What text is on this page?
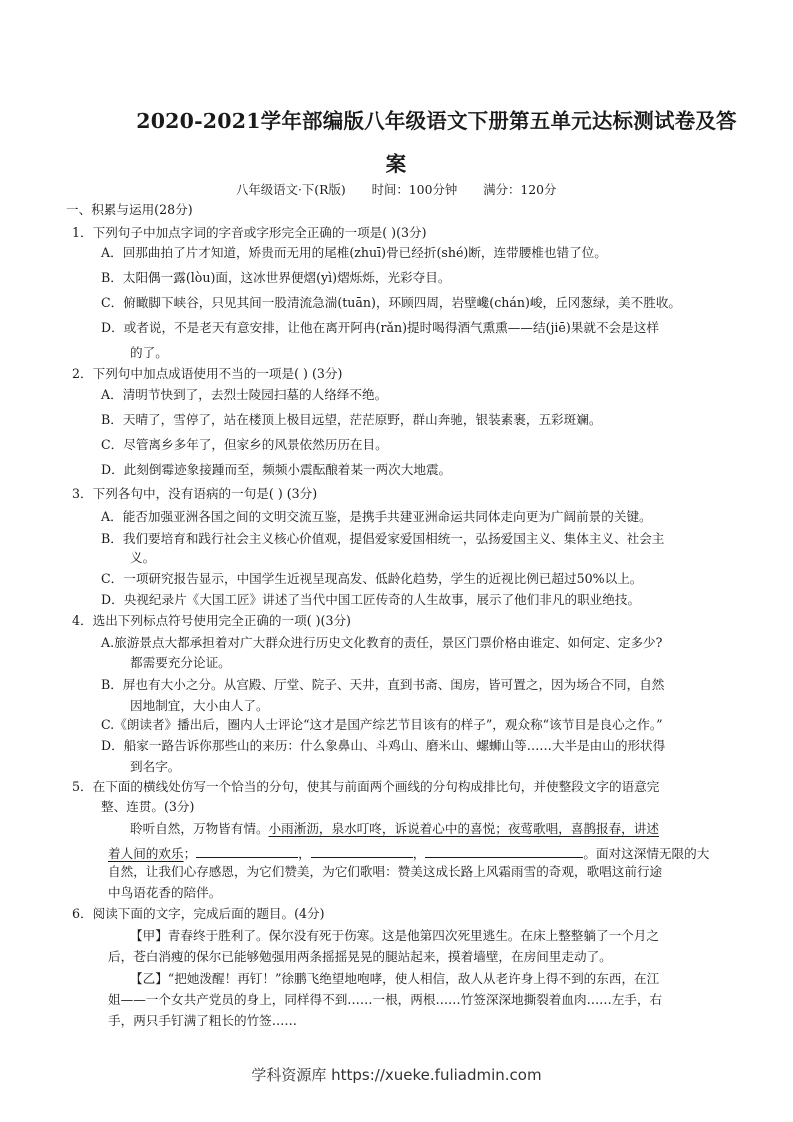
2020-2021学年部编版八年级语文下册第五单元达标测试卷及答
案
八年级语文·下(R版) 时间：100分钟 满分：120分
一、积累与运用(28分)
1．下列句子中加点字词的字音或字形完全正确的一项是( )(3分)
A．回那曲拍了片才知道，矫贵而无用的尾椎(zhuī)骨已经折(shé)断，连带腰椎也错了位。
B．太阳偶一露(lòu)面，这冰世界便熠(yì)熠烁烁，光彩夺目。
C．俯瞰脚下峡谷，只见其间一股清流急湍(tuān)，环顾四周，岩壁巉(chán)峻，丘冈葱绿，美不胜收。
D．或者说，不是老天有意安排，让他在离开阿冉(rǎn)提时喝得酒气熏熏——结(jiē)果就不会是这样
的了。
2．下列句中加点成语使用不当的一项是( ) (3分)
A．清明节快到了，去烈士陵园扫墓的人络绎不绝。
B．天晴了，雪停了，站在楼顶上极目远望，茫茫原野，群山奔驰，银装素裹，五彩斑斓。
C．尽管离乡多年了，但家乡的风景依然历历在目。
D．此刻倒霉迹象接踵而至，频频小震酝酿着某一两次大地震。
3．下列各句中，没有语病的一句是( ) (3分)
A．能否加强亚洲各国之间的文明交流互鉴，是携手共建亚洲命运共同体走向更为广阔前景的关键。
B．我们要培育和践行社会主义核心价值观，提倡爱家爱国相统一，弘扬爱国主义、集体主义、社会主
义。
C．一项研究报告显示，中国学生近视呈现高发、低龄化趋势，学生的近视比例已超过50%以上。
D．央视纪录片《大国工匠》讲述了当代中国工匠传奇的人生故事，展示了他们非凡的职业绝技。
4．选出下列标点符号使用完全正确的一项( )(3分)
A.旅游景点大都承担着对广大群众进行历史文化教育的责任，景区门票价格由谁定、如何定、定多少?
都需要充分论证。
B．屏也有大小之分。从宫殿、厅堂、院子、天井，直到书斋、闺房，皆可置之，因为场合不同，自然
因地制宜，大小由人了。
C.《朗读者》播出后，圈内人士评论“这才是国产综艺节目该有的样子”，观众称“该节目是良心之作。”
D．船家一路告诉你那些山的来历：什么象鼻山、斗鸡山、磨米山、螺蛳山等……大半是由山的形状得
到名字。
5．在下面的横线处仿写一个恰当的分句，使其与前面两个画线的分句构成排比句，并使整段文字的语意完
整、连贯。(3分)
聆听自然，万物皆有情。小雨淅沥，泉水叮咚，诉说着心中的喜悦；夜莺歌唱，喜鹊报春，讲述
着人间的欢乐；	，	，	。面对这深情无限的大
自然，让我们心存感恩，为它们赞美，为它们歌唱：赞美这成长路上风霜雨雪的奇观，歌唱这前行途
中鸟语花香的陪伴。
6．阅读下面的文字，完成后面的题目。(4分)
【甲】青春终于胜利了。保尔没有死于伤寒。这是他第四次死里逃生。在床上整整躺了一个月之
后，苍白消瘦的保尔已能够勉强用两条摇摇晃晃的腿站起来，摸着墙壁，在房间里走动了。
【乙】“把她泼醒！再钉！”徐鹏飞绝望地咆哮，使人相信，敌人从老许身上得不到的东西，在江
姐——一个女共产党员的身上，同样得不到……一根，两根……竹签深深地撕裂着血肉……左手，右
手，两只手钉满了粗长的竹签……
学科资源库 https://xueke.fuliadmin.com
